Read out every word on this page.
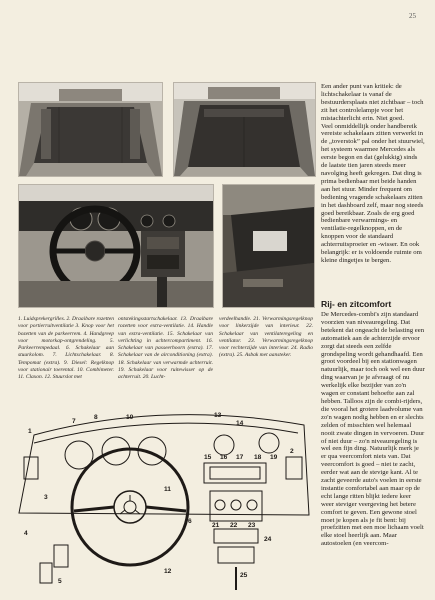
25
1. Luidsprekergrilles. 2. Draaibare rozetten voor portierruitventilatie 3. Knop voor het bozetten van de parkeerrem. 4. Handgreep voor motorkap-ontgrendeling. 5. Parkeerrempedaal. 6. Schakelaar aan stuurkolom. 7. Lichtschakelaar. 8. Tempomat (extra). 9. Diesel: Regelknop voor stationair toerental. 10. Combimeter. 11. Claxon. 12. Stuurslot met
ontstekingsstartschakelaar. 13. Draaibare rozetten voor extra-ventilatie. 14. Handle van extra-ventilatie. 15. Schakelaar van verlichting in achtercompartiment. 16. Schakelaar van passeerhoorn (extra). 17. Schakelaar van de airconditioning (extra). 18. Schakelaar van verwarmde achterruit. 19. Schakelaar voor ruitewisser op de achterruit. 20. Lucht-
verdeelhandle. 21. Verwarmingsregelknop voor linkerzijde van interieur. 22. Schakelaar van ventilateregeling en ventilator. 23. Verwarmingsregelknop voor rechterzijde van interieur. 24. Radio (extra). 25. Asbak met aansteker.

Een ander punt van kritiek: de lichtschakelaar is vanaf de bestuurdersplaats niet zichtbaar – toch zit het controlelampje voor het mistachterlicht erin. Niet goed.

Veel onmiddellijk onder handbereik vereiste schakelaars zitten verwerkt in de „toverstok” pal onder het stuurwiel, het systeem waarmee Mercedes als eerste begon en dat (gelukkig) sinds de laatste tien jaren steeds meer navolging heeft gekregen. Dat ding is prima bedienbaar met beide handen aan het stuur. Minder frequent om bediening vragende schakelaars zitten in het dashboard zelf, maar nog steeds goed bereikbaar. Zoals de erg goed bedienbare verwarmings- en ventilatie-regelknoppen, en de knoppen voor de standaard achterruitsproeier en -wisser. En ook belangrijk: er is voldoende ruimte om kleine dingetjes te bergen.

Rij- en zitcomfort

De Mercedes-combi's zijn standaard voorzien van niveauregeling. Dat betekent dat ongeacht de belasting een automatiek aan de achterzijde ervoor zorgt dat steeds een zelfde grondspeling wordt gehandhaafd. Een groot voordeel bij een stationwagen natuurlijk, maar toch ook wel een duur ding waarvan je je afvraagt of nu werkelijk elke bezijder van zo'n wagen er constant behoefte aan zal hebben. Talloos zijn de combi-rijders, die vooral het grotere laadvolume van zo'n wagen nodig hebben en er slechts zelden of misschien wel helemaal nooit zwate dingen in vervoeren. Duur of niet duur – zo'n niveauregeling is wel een fijn ding. Natuurlijk merk je er qua veercomfort niets van. Dat veercomfort is goed – niet te zacht, eerder wat aan de stevige kant. Al te zacht geveerde auto's voelen in eerste instantie comfortabel aan maar op de echt lange ritten blijkt iedere keer weer steviger veergeving het betere comfort te geven. Een gewone stoel moet je kopen als je fit bent: bij proefzitten met een moe lichaam voelt elke stoel heerlijk aan. Maar autostoelen (en veercom-

1
3
7
8	10
11
13
14
15 16 17 18 19
21 22 23
24
25
6
2
4
5
12
